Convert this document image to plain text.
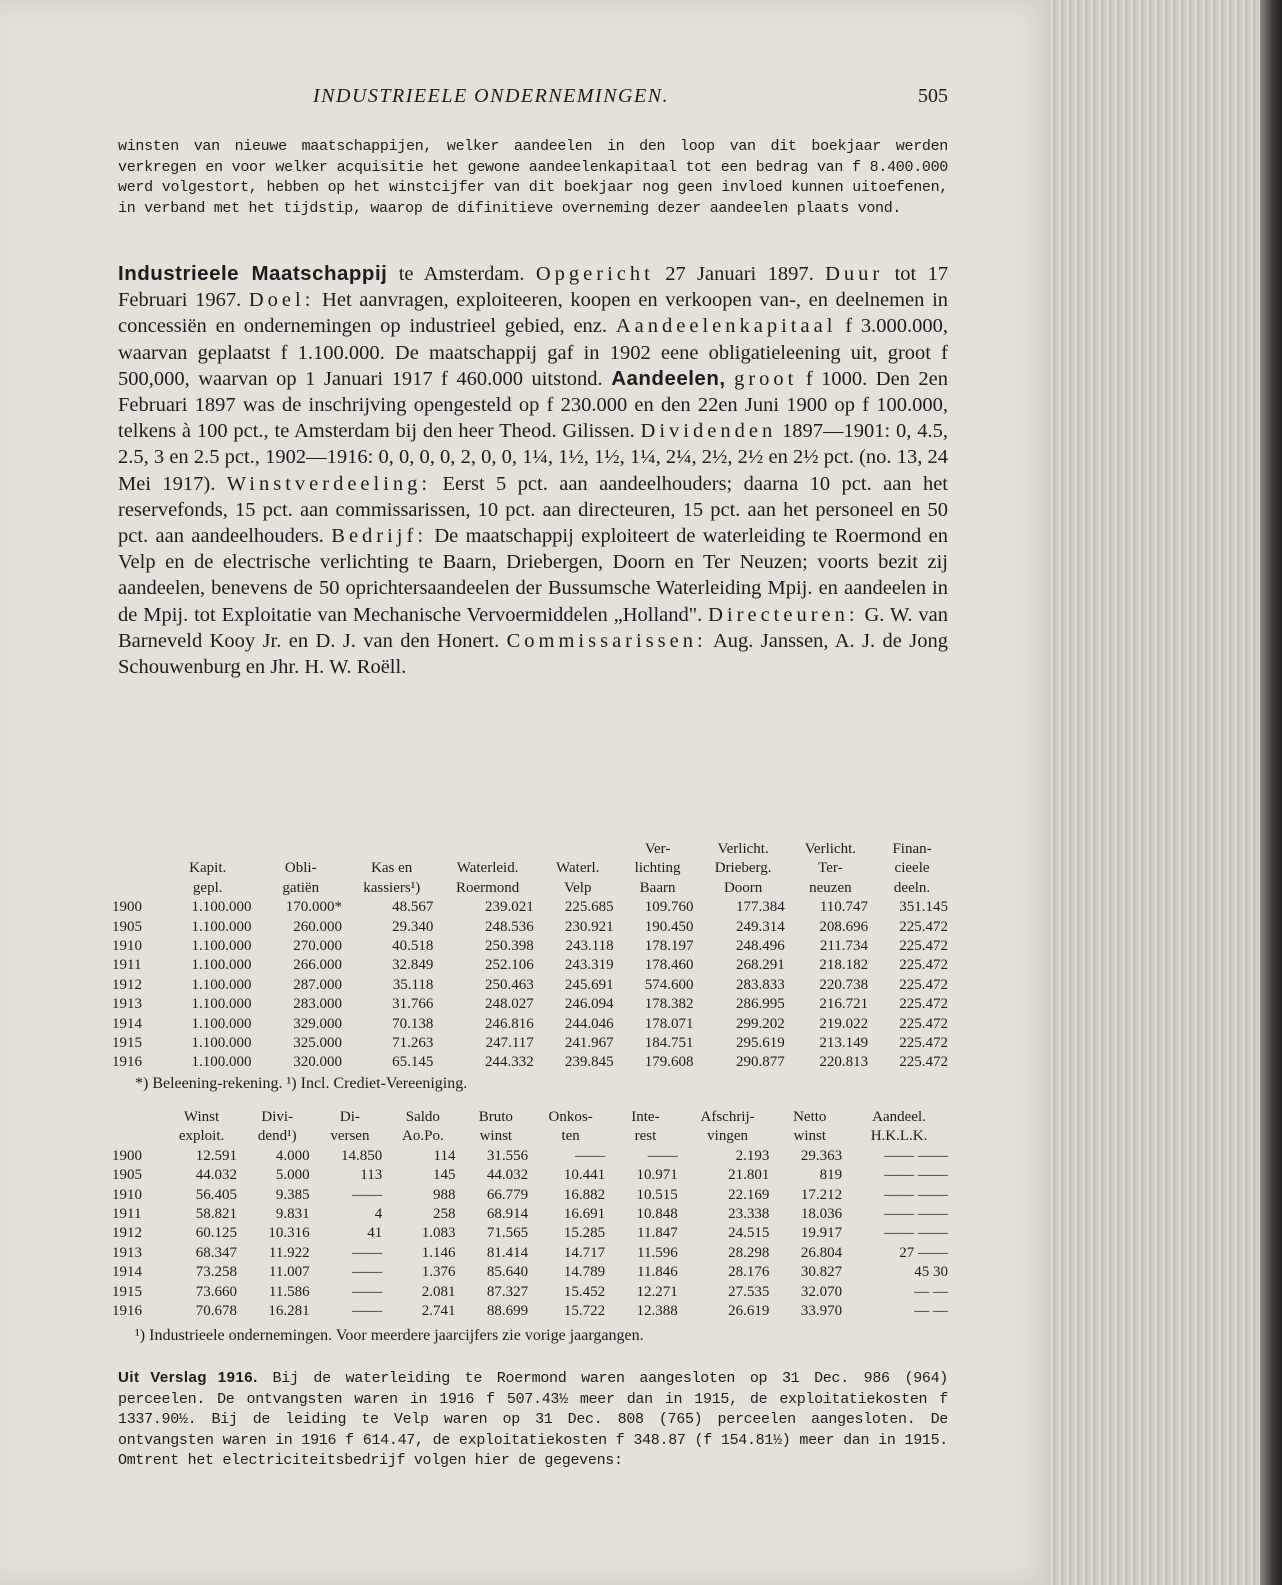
INDUSTRIEELE ONDERNEMINGEN.	505
winsten van nieuwe maatschappijen, welker aandeelen in den loop van dit boekjaar werden verkregen en voor welker acquisitie het gewone aandeelenkapitaal tot een bedrag van f 8.400.000 werd volgestort, hebben op het winstcijfer van dit boekjaar nog geen invloed kunnen uitoefenen, in verband met het tijdstip, waarop de difinitieve overneming dezer aandeelen plaats vond.
Industrieele Maatschappij te Amsterdam. Opgericht 27 Januari 1897. Duur tot 17 Februari 1967. Doel: Het aanvragen, exploiteeren, koopen en verkoopen van-, en deelnemen in concessiën en ondernemingen op industrieel gebied, enz. Aandeelenkapitaal f 3.000.000, waarvan geplaatst f 1.100.000. De maatschappij gaf in 1902 eene obligatieleening uit, groot f 500,000, waarvan op 1 Januari 1917 f 460.000 uitstond. Aandeelen, groot f 1000. Den 2en Februari 1897 was de inschrijving opengesteld op f 230.000 en den 22en Juni 1900 op f 100.000, telkens à 100 pct., te Amsterdam bij den heer Theod. Gilissen. Dividenden 1897—1901: 0, 4.5, 2.5, 3 en 2.5 pct., 1902—1916: 0, 0, 0, 0, 2, 0, 0, 1¼, 1½, 1½, 1¼, 2¼, 2½, 2½ en 2½ pct. (no. 13, 24 Mei 1917). Winstverdeeling: Eerst 5 pct. aan aandeelhouders; daarna 10 pct. aan het reservefonds, 15 pct. aan commissarissen, 10 pct. aan directeuren, 15 pct. aan het personeel en 50 pct. aan aandeelhouders. Bedrijf: De maatschappij exploiteert de waterleiding te Roermond en Velp en de electrische verlichting te Baarn, Driebergen, Doorn en Ter Neuzen; voorts bezit zij aandeelen, benevens de 50 oprichtersaandeelen der Bussumsche Waterleiding Mpij. en aandeelen in de Mpij. tot Exploitatie van Mechanische Vervoermiddelen „Holland". Directeuren: G. W. van Barneveld Kooy Jr. en D. J. van den Honert. Commissarissen: Aug. Janssen, A. J. de Jong Schouwenburg en Jhr. H. W. Roëll.
						Ver-	Verlicht.	Verlicht.	Finan-
	Kapit.	Obli-	Kas en	Waterleid.	Waterl.	lichting	Drieberg.	Ter-	cieele
	gepl.	gatiën	kassiers¹)	Roermond	Velp	Baarn	Doorn	neuzen	deeln.
1900	1.100.000	170.000*	48.567	239.021	225.685	109.760	177.384	110.747	351.145
1905	1.100.000	260.000	29.340	248.536	230.921	190.450	249.314	208.696	225.472
1910	1.100.000	270.000	40.518	250.398	243.118	178.197	248.496	211.734	225.472
1911	1.100.000	266.000	32.849	252.106	243.319	178.460	268.291	218.182	225.472
1912	1.100.000	287.000	35.118	250.463	245.691	574.600	283.833	220.738	225.472
1913	1.100.000	283.000	31.766	248.027	246.094	178.382	286.995	216.721	225.472
1914	1.100.000	329.000	70.138	246.816	244.046	178.071	299.202	219.022	225.472
1915	1.100.000	325.000	71.263	247.117	241.967	184.751	295.619	213.149	225.472
1916	1.100.000	320.000	65.145	244.332	239.845	179.608	290.877	220.813	225.472
*) Beleening-rekening. ¹) Incl. Crediet-Vereeniging.
	Winst	Divi-	Di-	Saldo	Bruto	Onkos-	Inte-	Afschrij-	Netto	Aandeel.
	exploit.	dend¹)	versen	Ao.Po.	winst	ten	rest	vingen	winst	H.K.L.K.
1900	12.591	4.000	14.850	114	31.556	——	——	2.193	29.363	—— ——
1905	44.032	5.000	113	145	44.032	10.441	10.971	21.801	819	—— ——
1910	56.405	9.385	——	988	66.779	16.882	10.515	22.169	17.212	—— ——
1911	58.821	9.831	4	258	68.914	16.691	10.848	23.338	18.036	—— ——
1912	60.125	10.316	41	1.083	71.565	15.285	11.847	24.515	19.917	—— ——
1913	68.347	11.922	——	1.146	81.414	14.717	11.596	28.298	26.804	27 ——
1914	73.258	11.007	——	1.376	85.640	14.789	11.846	28.176	30.827	45 30
1915	73.660	11.586	——	2.081	87.327	15.452	12.271	27.535	32.070	— —
1916	70.678	16.281	——	2.741	88.699	15.722	12.388	26.619	33.970	— —
¹) Industrieele ondernemingen. Voor meerdere jaarcijfers zie vorige jaargangen.
Uit Verslag 1916. Bij de waterleiding te Roermond waren aangesloten op 31 Dec. 986 (964) perceelen. De ontvangsten waren in 1916 f 507.43½ meer dan in 1915, de exploitatiekosten f 1337.90½. Bij de leiding te Velp waren op 31 Dec. 808 (765) perceelen aangesloten. De ontvangsten waren in 1916 f 614.47, de exploitatiekosten f 348.87 (f 154.81½) meer dan in 1915. Omtrent het electriciteitsbedrijf volgen hier de gegevens:
